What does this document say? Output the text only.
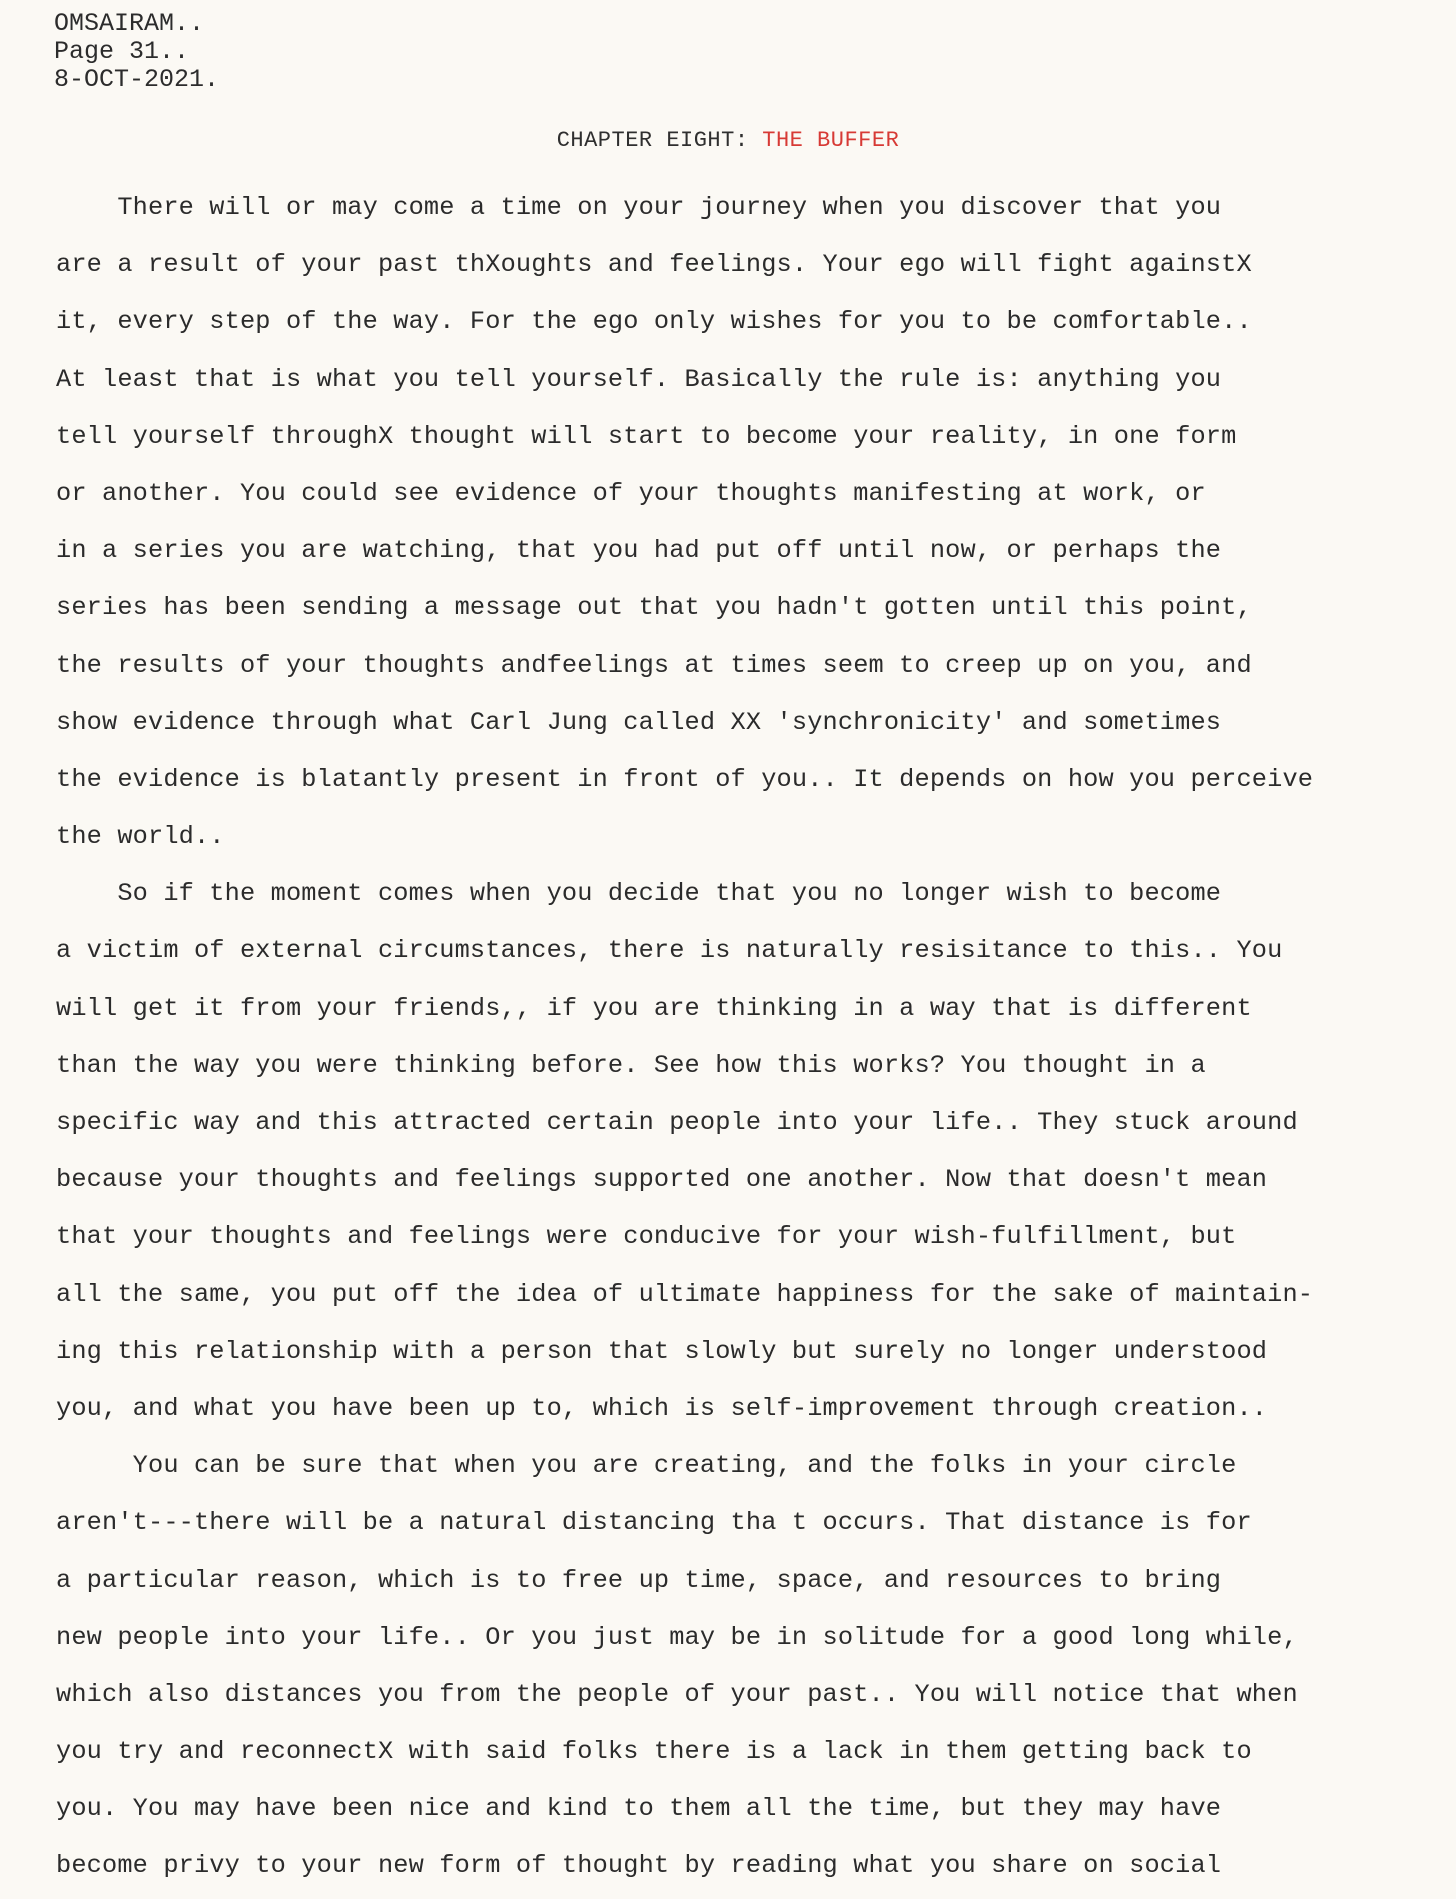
OMSAIRAM..
Page 31..
8-OCT-2021.
CHAPTER EIGHT: THE BUFFER
There will or may come a time on your journey when you discover that you
are a result of your past thXoughts and feelings. Your ego will fight againstX
it, every step of the way. For the ego only wishes for you to be comfortable..
At least that is what you tell yourself. Basically the rule is: anything you
tell yourself throughX thought will start to become your reality, in one form
or another. You could see evidence of your thoughts manifesting at work, or
in a series you are watching, that you had put off until now, or perhaps the
series has been sending a message out that you hadn't gotten until this point,
the results of your thoughts andfeelings at times seem to creep up on you, and
show evidence through what Carl Jung called XX 'synchronicity' and sometimes
the evidence is blatantly present in front of you.. It depends on how you perceive
the world..
So if the moment comes when you decide that you no longer wish to become
a victim of external circumstances, there is naturally resisitance to this.. You
will get it from your friends,, if you are thinking in a way that is different
than the way you were thinking before. See how this works? You thought in a
specific way and this attracted certain people into your life.. They stuck around
because your thoughts and feelings supported one another. Now that doesn't mean
that your thoughts and feelings were conducive for your wish-fulfillment, but
all the same, you put off the idea of ultimate happiness for the sake of maintain-
ing this relationship with a person that slowly but surely no longer understood
you, and what you have been up to, which is self-improvement through creation..
You can be sure that when you are creating, and the folks in your circle
aren't---there will be a natural distancing tha t occurs. That distance is for
a particular reason, which is to free up time, space, and resources to bring
new people into your life.. Or you just may be in solitude for a good long while,
which also distances you from the people of your past.. You will notice that when
you try and reconnectX with said folks there is a lack in them getting back to
you. You may have been nice and kind to them all the time, but they may have
become privy to your new form of thought by reading what you share on social
